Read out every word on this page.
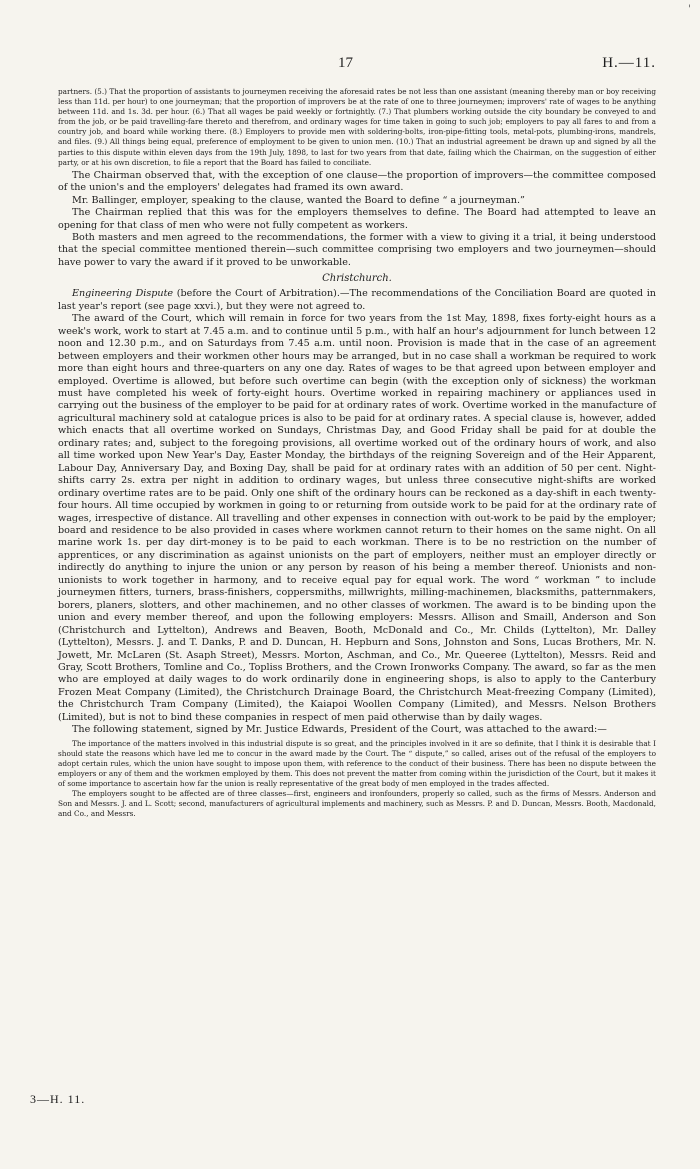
'
17	H.—11.

partners. (5.) That the proportion of assistants to journeymen receiving the aforesaid rates be not less than one assistant (meaning thereby man or boy receiving less than 11d. per hour) to one journeyman; that the proportion of improvers be at the rate of one to three journeymen; improvers' rate of wages to be anything between 11d. and 1s. 3d. per hour. (6.) That all wages be paid weekly or fortnightly. (7.) That plumbers working outside the city boundary be conveyed to and from the job, or be paid travelling-fare thereto and therefrom, and ordinary wages for time taken in going to such job; employers to pay all fares to and from a country job, and board while working there. (8.) Employers to provide men with soldering-bolts, iron-pipe-fitting tools, metal-pots, plumbing-irons, mandrels, and files. (9.) All things being equal, preference of employment to be given to union men. (10.) That an industrial agreement be drawn up and signed by all the parties to this dispute within eleven days from the 19th July, 1898, to last for two years from that date, failing which the Chairman, on the suggestion of either party, or at his own discretion, to file a report that the Board has failed to conciliate.

The Chairman observed that, with the exception of one clause—the proportion of improvers—the committee composed of the union's and the employers' delegates had framed its own award.

Mr. Ballinger, employer, speaking to the clause, wanted the Board to define “ a journeyman.”

The Chairman replied that this was for the employers themselves to define. The Board had attempted to leave an opening for that class of men who were not fully competent as workers.

Both masters and men agreed to the recommendations, the former with a view to giving it a trial, it being understood that the special committee mentioned therein—such committee comprising two employers and two journeymen—should have power to vary the award if it proved to be unworkable.

Christchurch.

Engineering Dispute (before the Court of Arbitration).—The recommendations of the Conciliation Board are quoted in last year's report (see page xxvi.), but they were not agreed to.

The award of the Court, which will remain in force for two years from the 1st May, 1898, fixes forty-eight hours as a week's work, work to start at 7.45 a.m. and to continue until 5 p.m., with half an hour's adjournment for lunch between 12 noon and 12.30 p.m., and on Saturdays from 7.45 a.m. until noon. Provision is made that in the case of an agreement between employers and their workmen other hours may be arranged, but in no case shall a workman be required to work more than eight hours and three-quarters on any one day. Rates of wages to be that agreed upon between employer and employed. Overtime is allowed, but before such overtime can begin (with the exception only of sickness) the workman must have completed his week of forty-eight hours. Overtime worked in repairing machinery or appliances used in carrying out the business of the employer to be paid for at ordinary rates of work. Overtime worked in the manufacture of agricultural machinery sold at catalogue prices is also to be paid for at ordinary rates. A special clause is, however, added which enacts that all overtime worked on Sundays, Christmas Day, and Good Friday shall be paid for at double the ordinary rates; and, subject to the foregoing provisions, all overtime worked out of the ordinary hours of work, and also all time worked upon New Year's Day, Easter Monday, the birthdays of the reigning Sovereign and of the Heir Apparent, Labour Day, Anniversary Day, and Boxing Day, shall be paid for at ordinary rates with an addition of 50 per cent. Night-shifts carry 2s. extra per night in addition to ordinary wages, but unless three consecutive night-shifts are worked ordinary overtime rates are to be paid. Only one shift of the ordinary hours can be reckoned as a day-shift in each twenty-four hours. All time occupied by workmen in going to or returning from outside work to be paid for at the ordinary rate of wages, irrespective of distance. All travelling and other expenses in connection with out-work to be paid by the employer; board and residence to be also provided in cases where workmen cannot return to their homes on the same night. On all marine work 1s. per day dirt-money is to be paid to each workman. There is to be no restriction on the number of apprentices, or any discrimination as against unionists on the part of employers, neither must an employer directly or indirectly do anything to injure the union or any person by reason of his being a member thereof. Unionists and non-unionists to work together in harmony, and to receive equal pay for equal work. The word “ workman ” to include journeymen fitters, turners, brass-finishers, coppersmiths, millwrights, milling-machinemen, blacksmiths, patternmakers, borers, planers, slotters, and other machinemen, and no other classes of workmen. The award is to be binding upon the union and every member thereof, and upon the following employers: Messrs. Allison and Smaill, Anderson and Son (Christchurch and Lyttelton), Andrews and Beaven, Booth, McDonald and Co., Mr. Childs (Lyttelton), Mr. Dalley (Lyttelton), Messrs. J. and T. Danks, P. and D. Duncan, H. Hepburn and Sons, Johnston and Sons, Lucas Brothers, Mr. N. Jowett, Mr. McLaren (St. Asaph Street), Messrs. Morton, Aschman, and Co., Mr. Queeree (Lyttelton), Messrs. Reid and Gray, Scott Brothers, Tomline and Co., Topliss Brothers, and the Crown Ironworks Company. The award, so far as the men who are employed at daily wages to do work ordinarily done in engineering shops, is also to apply to the Canterbury Frozen Meat Company (Limited), the Christchurch Drainage Board, the Christchurch Meat-freezing Company (Limited), the Christchurch Tram Company (Limited), the Kaiapoi Woollen Company (Limited), and Messrs. Nelson Brothers (Limited), but is not to bind these companies in respect of men paid otherwise than by daily wages.

The following statement, signed by Mr. Justice Edwards, President of the Court, was attached to the award:—

The importance of the matters involved in this industrial dispute is so great, and the principles involved in it are so definite, that I think it is desirable that I should state the reasons which have led me to concur in the award made by the Court. The “ dispute,” so called, arises out of the refusal of the employers to adopt certain rules, which the union have sought to impose upon them, with reference to the conduct of their business. There has been no dispute between the employers or any of them and the workmen employed by them. This does not prevent the matter from coming within the jurisdiction of the Court, but it makes it of some importance to ascertain how far the union is really representative of the great body of men employed in the trades affected.

The employers sought to be affected are of three classes—first, engineers and ironfounders, properly so called, such as the firms of Messrs. Anderson and Son and Messrs. J. and L. Scott; second, manufacturers of agricultural implements and machinery, such as Messrs. P. and D. Duncan, Messrs. Booth, Macdonald, and Co., and Messrs.

3—H. 11.
